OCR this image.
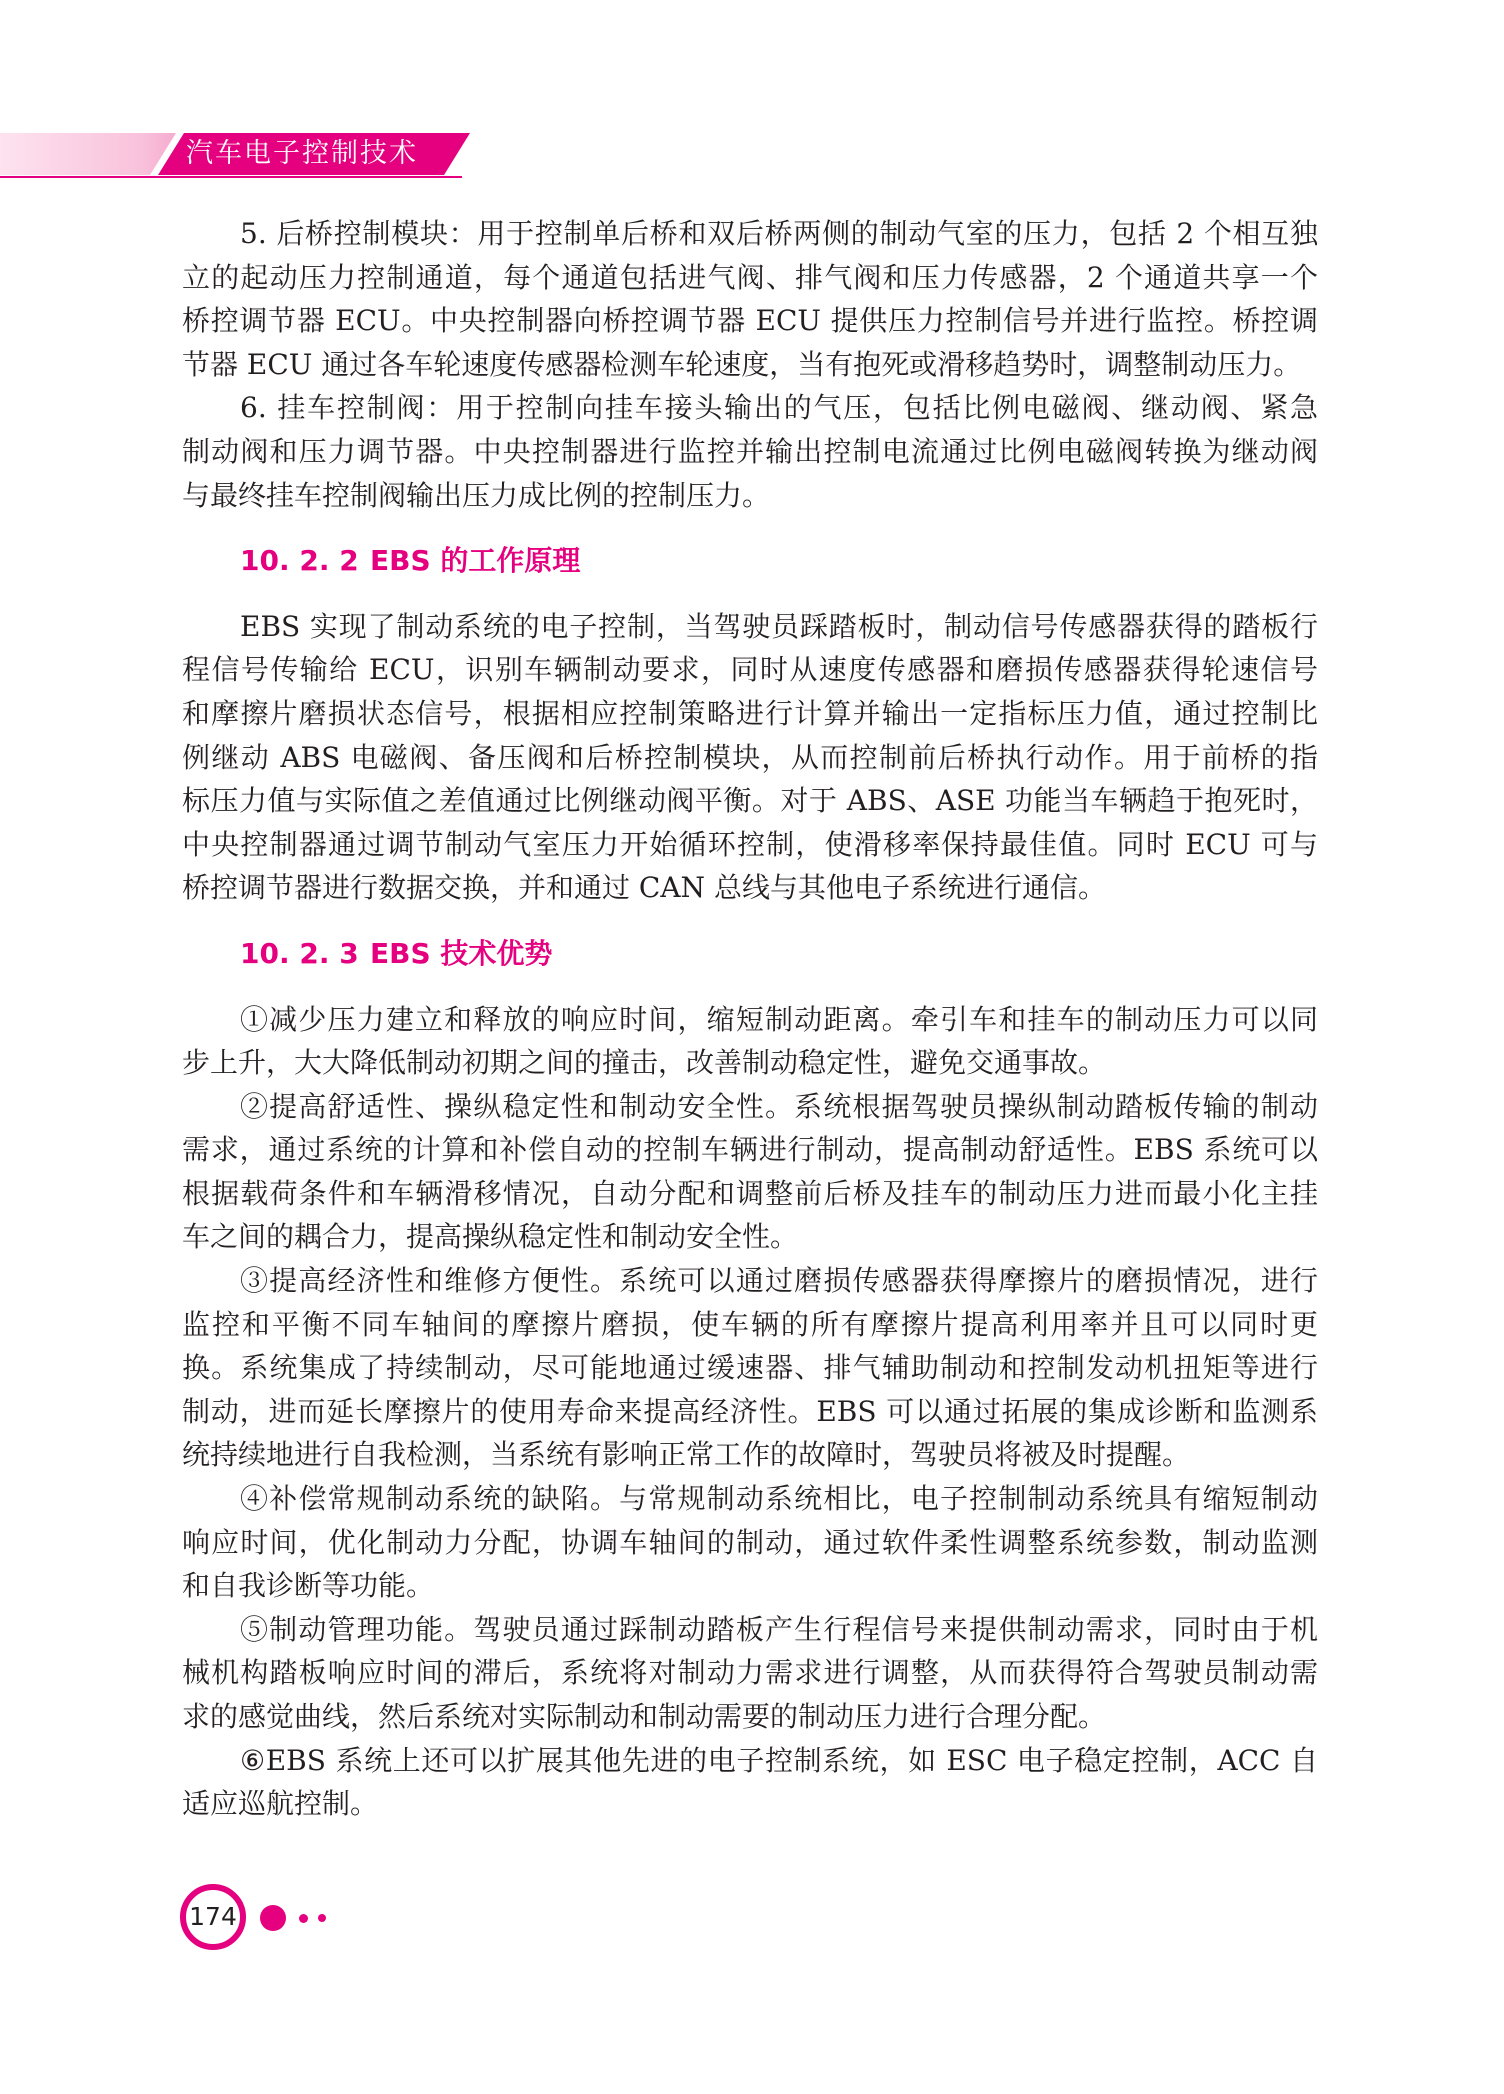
汽车电子控制技术
5. 后桥控制模块：用于控制单后桥和双后桥两侧的制动气室的压力，包括 2 个相互独
立的起动压力控制通道，每个通道包括进气阀、排气阀和压力传感器，2 个通道共享一个
桥控调节器 ECU。中央控制器向桥控调节器 ECU 提供压力控制信号并进行监控。桥控调
节器 ECU 通过各车轮速度传感器检测车轮速度，当有抱死或滑移趋势时，调整制动压力。
6. 挂车控制阀：用于控制向挂车接头输出的气压，包括比例电磁阀、继动阀、紧急
制动阀和压力调节器。中央控制器进行监控并输出控制电流通过比例电磁阀转换为继动阀
与最终挂车控制阀输出压力成比例的控制压力。
10. 2. 2 EBS 的工作原理
EBS 实现了制动系统的电子控制，当驾驶员踩踏板时，制动信号传感器获得的踏板行
程信号传输给 ECU，识别车辆制动要求，同时从速度传感器和磨损传感器获得轮速信号
和摩擦片磨损状态信号，根据相应控制策略进行计算并输出一定指标压力值，通过控制比
例继动 ABS 电磁阀、备压阀和后桥控制模块，从而控制前后桥执行动作。用于前桥的指
标压力值与实际值之差值通过比例继动阀平衡。对于 ABS、ASE 功能当车辆趋于抱死时，
中央控制器通过调节制动气室压力开始循环控制，使滑移率保持最佳值。同时 ECU 可与
桥控调节器进行数据交换，并和通过 CAN 总线与其他电子系统进行通信。
10. 2. 3 EBS 技术优势
①减少压力建立和释放的响应时间，缩短制动距离。牵引车和挂车的制动压力可以同
步上升，大大降低制动初期之间的撞击，改善制动稳定性，避免交通事故。
②提高舒适性、操纵稳定性和制动安全性。系统根据驾驶员操纵制动踏板传输的制动
需求，通过系统的计算和补偿自动的控制车辆进行制动，提高制动舒适性。EBS 系统可以
根据载荷条件和车辆滑移情况，自动分配和调整前后桥及挂车的制动压力进而最小化主挂
车之间的耦合力，提高操纵稳定性和制动安全性。
③提高经济性和维修方便性。系统可以通过磨损传感器获得摩擦片的磨损情况，进行
监控和平衡不同车轴间的摩擦片磨损，使车辆的所有摩擦片提高利用率并且可以同时更
换。系统集成了持续制动，尽可能地通过缓速器、排气辅助制动和控制发动机扭矩等进行
制动，进而延长摩擦片的使用寿命来提高经济性。EBS 可以通过拓展的集成诊断和监测系
统持续地进行自我检测，当系统有影响正常工作的故障时，驾驶员将被及时提醒。
④补偿常规制动系统的缺陷。与常规制动系统相比，电子控制制动系统具有缩短制动
响应时间，优化制动力分配，协调车轴间的制动，通过软件柔性调整系统参数，制动监测
和自我诊断等功能。
⑤制动管理功能。驾驶员通过踩制动踏板产生行程信号来提供制动需求，同时由于机
械机构踏板响应时间的滞后，系统将对制动力需求进行调整，从而获得符合驾驶员制动需
求的感觉曲线，然后系统对实际制动和制动需要的制动压力进行合理分配。
⑥EBS 系统上还可以扩展其他先进的电子控制系统，如 ESC 电子稳定控制，ACC 自
适应巡航控制。
174
